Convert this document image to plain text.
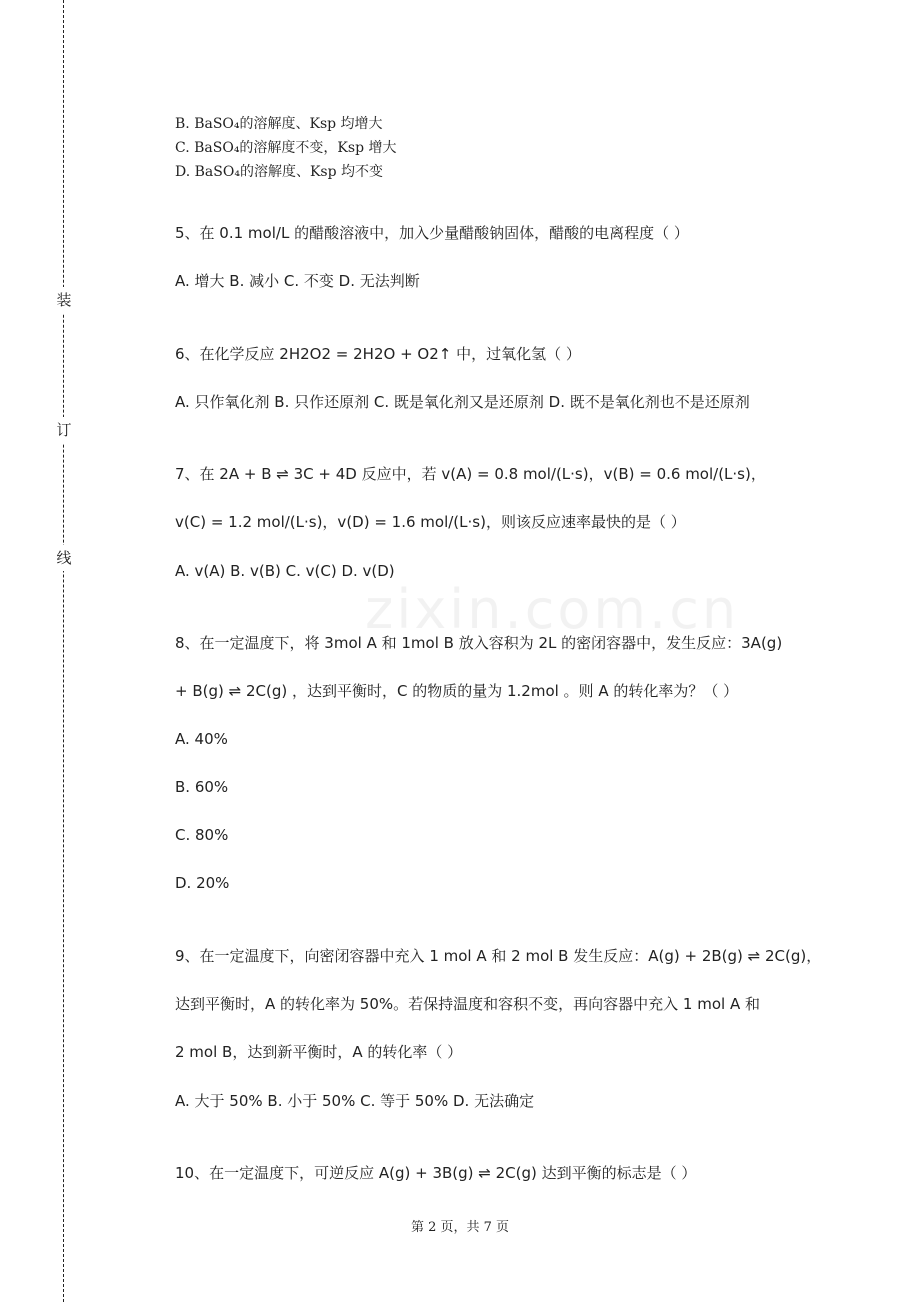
装
订
线
zixin.com.cn

B. BaSO₄的溶解度、Ksp 均增大

C. BaSO₄的溶解度不变，Ksp 增大

D. BaSO₄的溶解度、Ksp 均不变

5、在 0.1 mol/L 的醋酸溶液中，加入少量醋酸钠固体，醋酸的电离程度（ ）

A. 增大 B. 减小 C. 不变 D. 无法判断

6、在化学反应 2H2O2 = 2H2O + O2↑ 中，过氧化氢（ ）

A. 只作氧化剂 B. 只作还原剂 C. 既是氧化剂又是还原剂 D. 既不是氧化剂也不是还原剂

7、在 2A + B ⇌ 3C + 4D 反应中，若 v(A) = 0.8 mol/(L·s)，v(B) = 0.6 mol/(L·s)，

v(C) = 1.2 mol/(L·s)，v(D) = 1.6 mol/(L·s)，则该反应速率最快的是（ ）

A. v(A) B. v(B) C. v(C) D. v(D)

8、在一定温度下，将 3mol A 和 1mol B 放入容积为 2L 的密闭容器中，发生反应：3A(g)

+ B(g) ⇌ 2C(g) ，达到平衡时，C 的物质的量为 1.2mol 。则 A 的转化率为？（ ）

A. 40%

B. 60%

C. 80%

D. 20%

9、在一定温度下，向密闭容器中充入 1 mol A 和 2 mol B 发生反应：A(g) + 2B(g) ⇌ 2C(g)，

达到平衡时，A 的转化率为 50%。若保持温度和容积不变，再向容器中充入 1 mol A 和

2 mol B，达到新平衡时，A 的转化率（ ）

A. 大于 50% B. 小于 50% C. 等于 50% D. 无法确定

10、在一定温度下，可逆反应 A(g) + 3B(g) ⇌ 2C(g) 达到平衡的标志是（ ）

第 2 页，共 7 页
